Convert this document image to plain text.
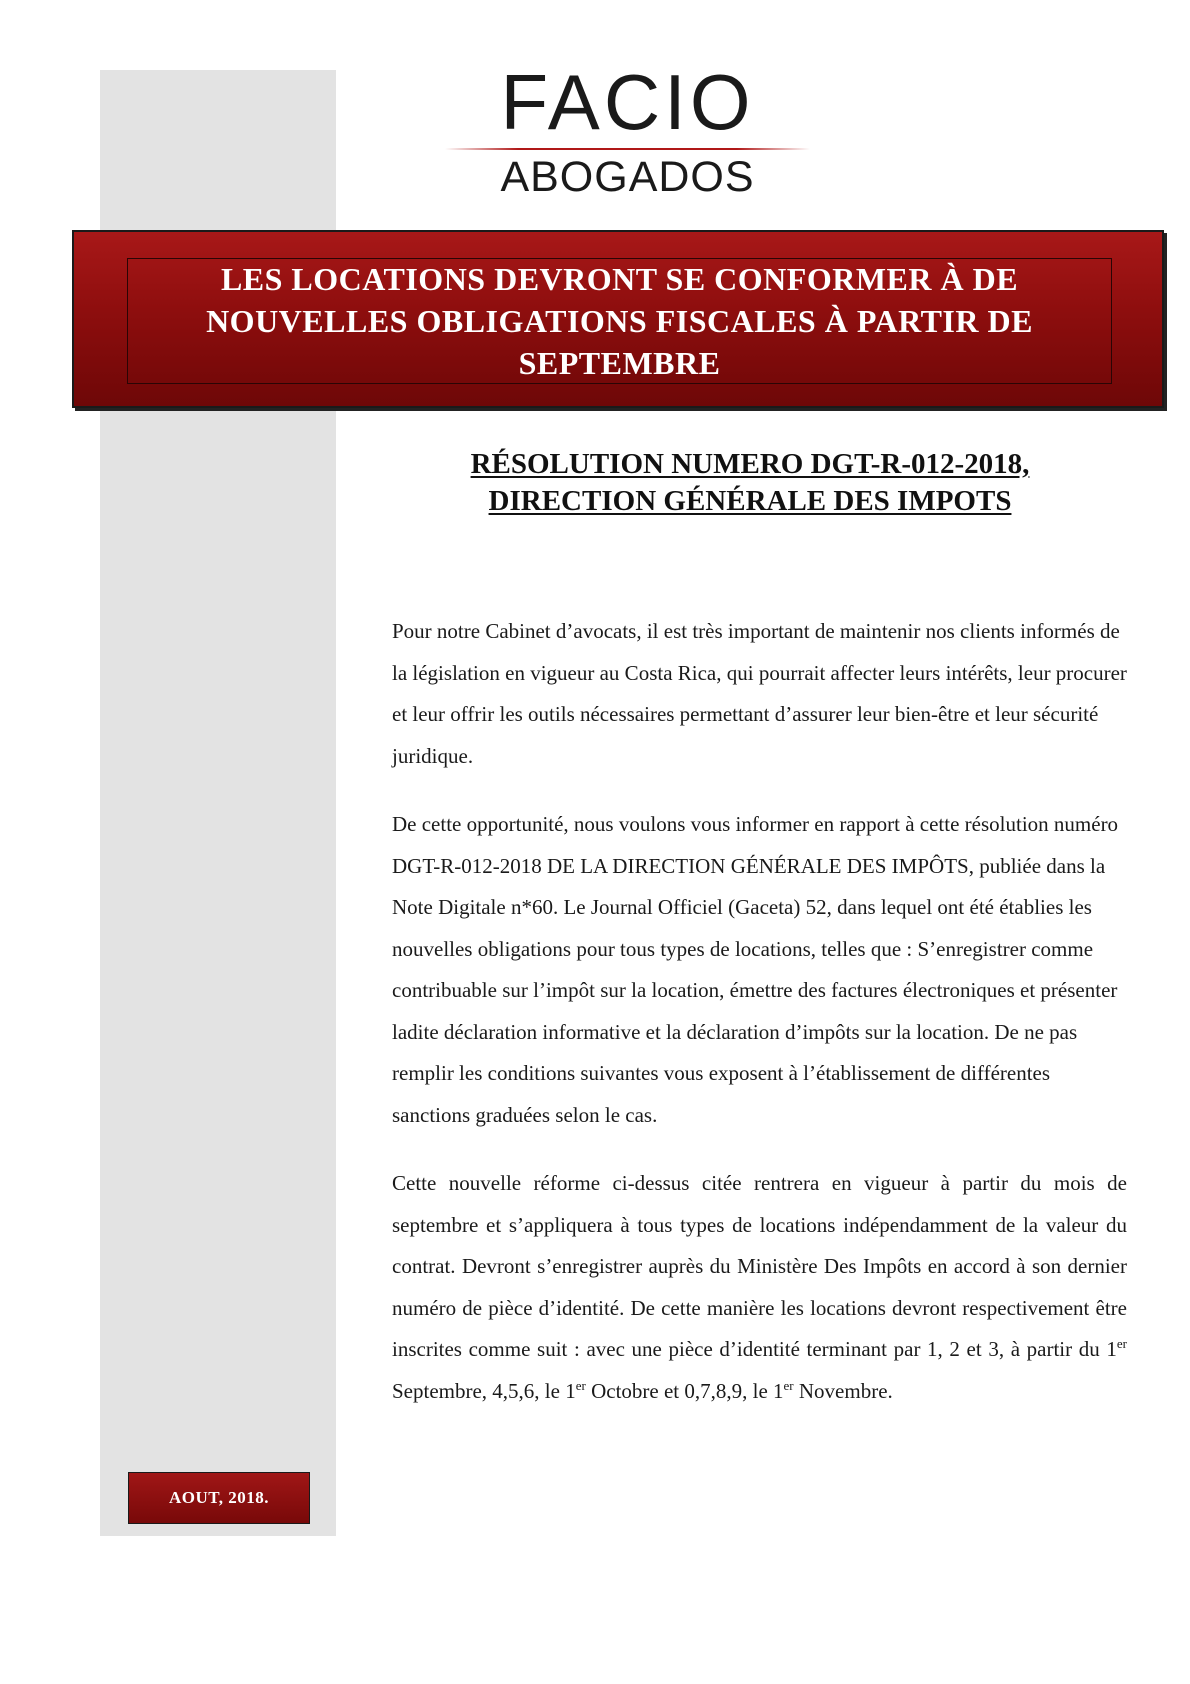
FACIO
ABOGADOS
LES LOCATIONS DEVRONT SE CONFORMER À DE NOUVELLES OBLIGATIONS FISCALES À PARTIR DE SEPTEMBRE
RÉSOLUTION NUMERO DGT-R-012-2018,
DIRECTION GÉNÉRALE DES IMPOTS

Pour notre Cabinet d’avocats, il est très important de maintenir nos clients informés de la législation en vigueur au Costa Rica, qui pourrait affecter leurs intérêts, leur procurer et leur offrir les outils nécessaires permettant d’assurer leur bien-être et leur sécurité juridique.

De cette opportunité, nous voulons vous informer en rapport à cette résolution numéro DGT-R-012-2018 DE LA DIRECTION GÉNÉRALE DES IMPÔTS, publiée dans la Note Digitale n*60. Le Journal Officiel (Gaceta) 52, dans lequel ont été établies les nouvelles obligations pour tous types de locations, telles que : S’enregistrer comme contribuable sur l’impôt sur la location, émettre des factures électroniques et présenter ladite déclaration informative et la déclaration d’impôts sur la location. De ne pas remplir les conditions suivantes vous exposent à l’établissement de différentes sanctions graduées selon le cas.

Cette nouvelle réforme ci-dessus citée rentrera en vigueur à partir du mois de septembre et s’appliquera à tous types de locations indépendamment de la valeur du contrat. Devront s’enregistrer auprès du Ministère Des Impôts en accord à son dernier numéro de pièce d’identité. De cette manière les locations devront respectivement être inscrites comme suit : avec une pièce d’identité terminant par 1, 2 et 3, à partir du 1er Septembre, 4,5,6, le 1er Octobre et 0,7,8,9, le 1er Novembre.

AOUT, 2018.
